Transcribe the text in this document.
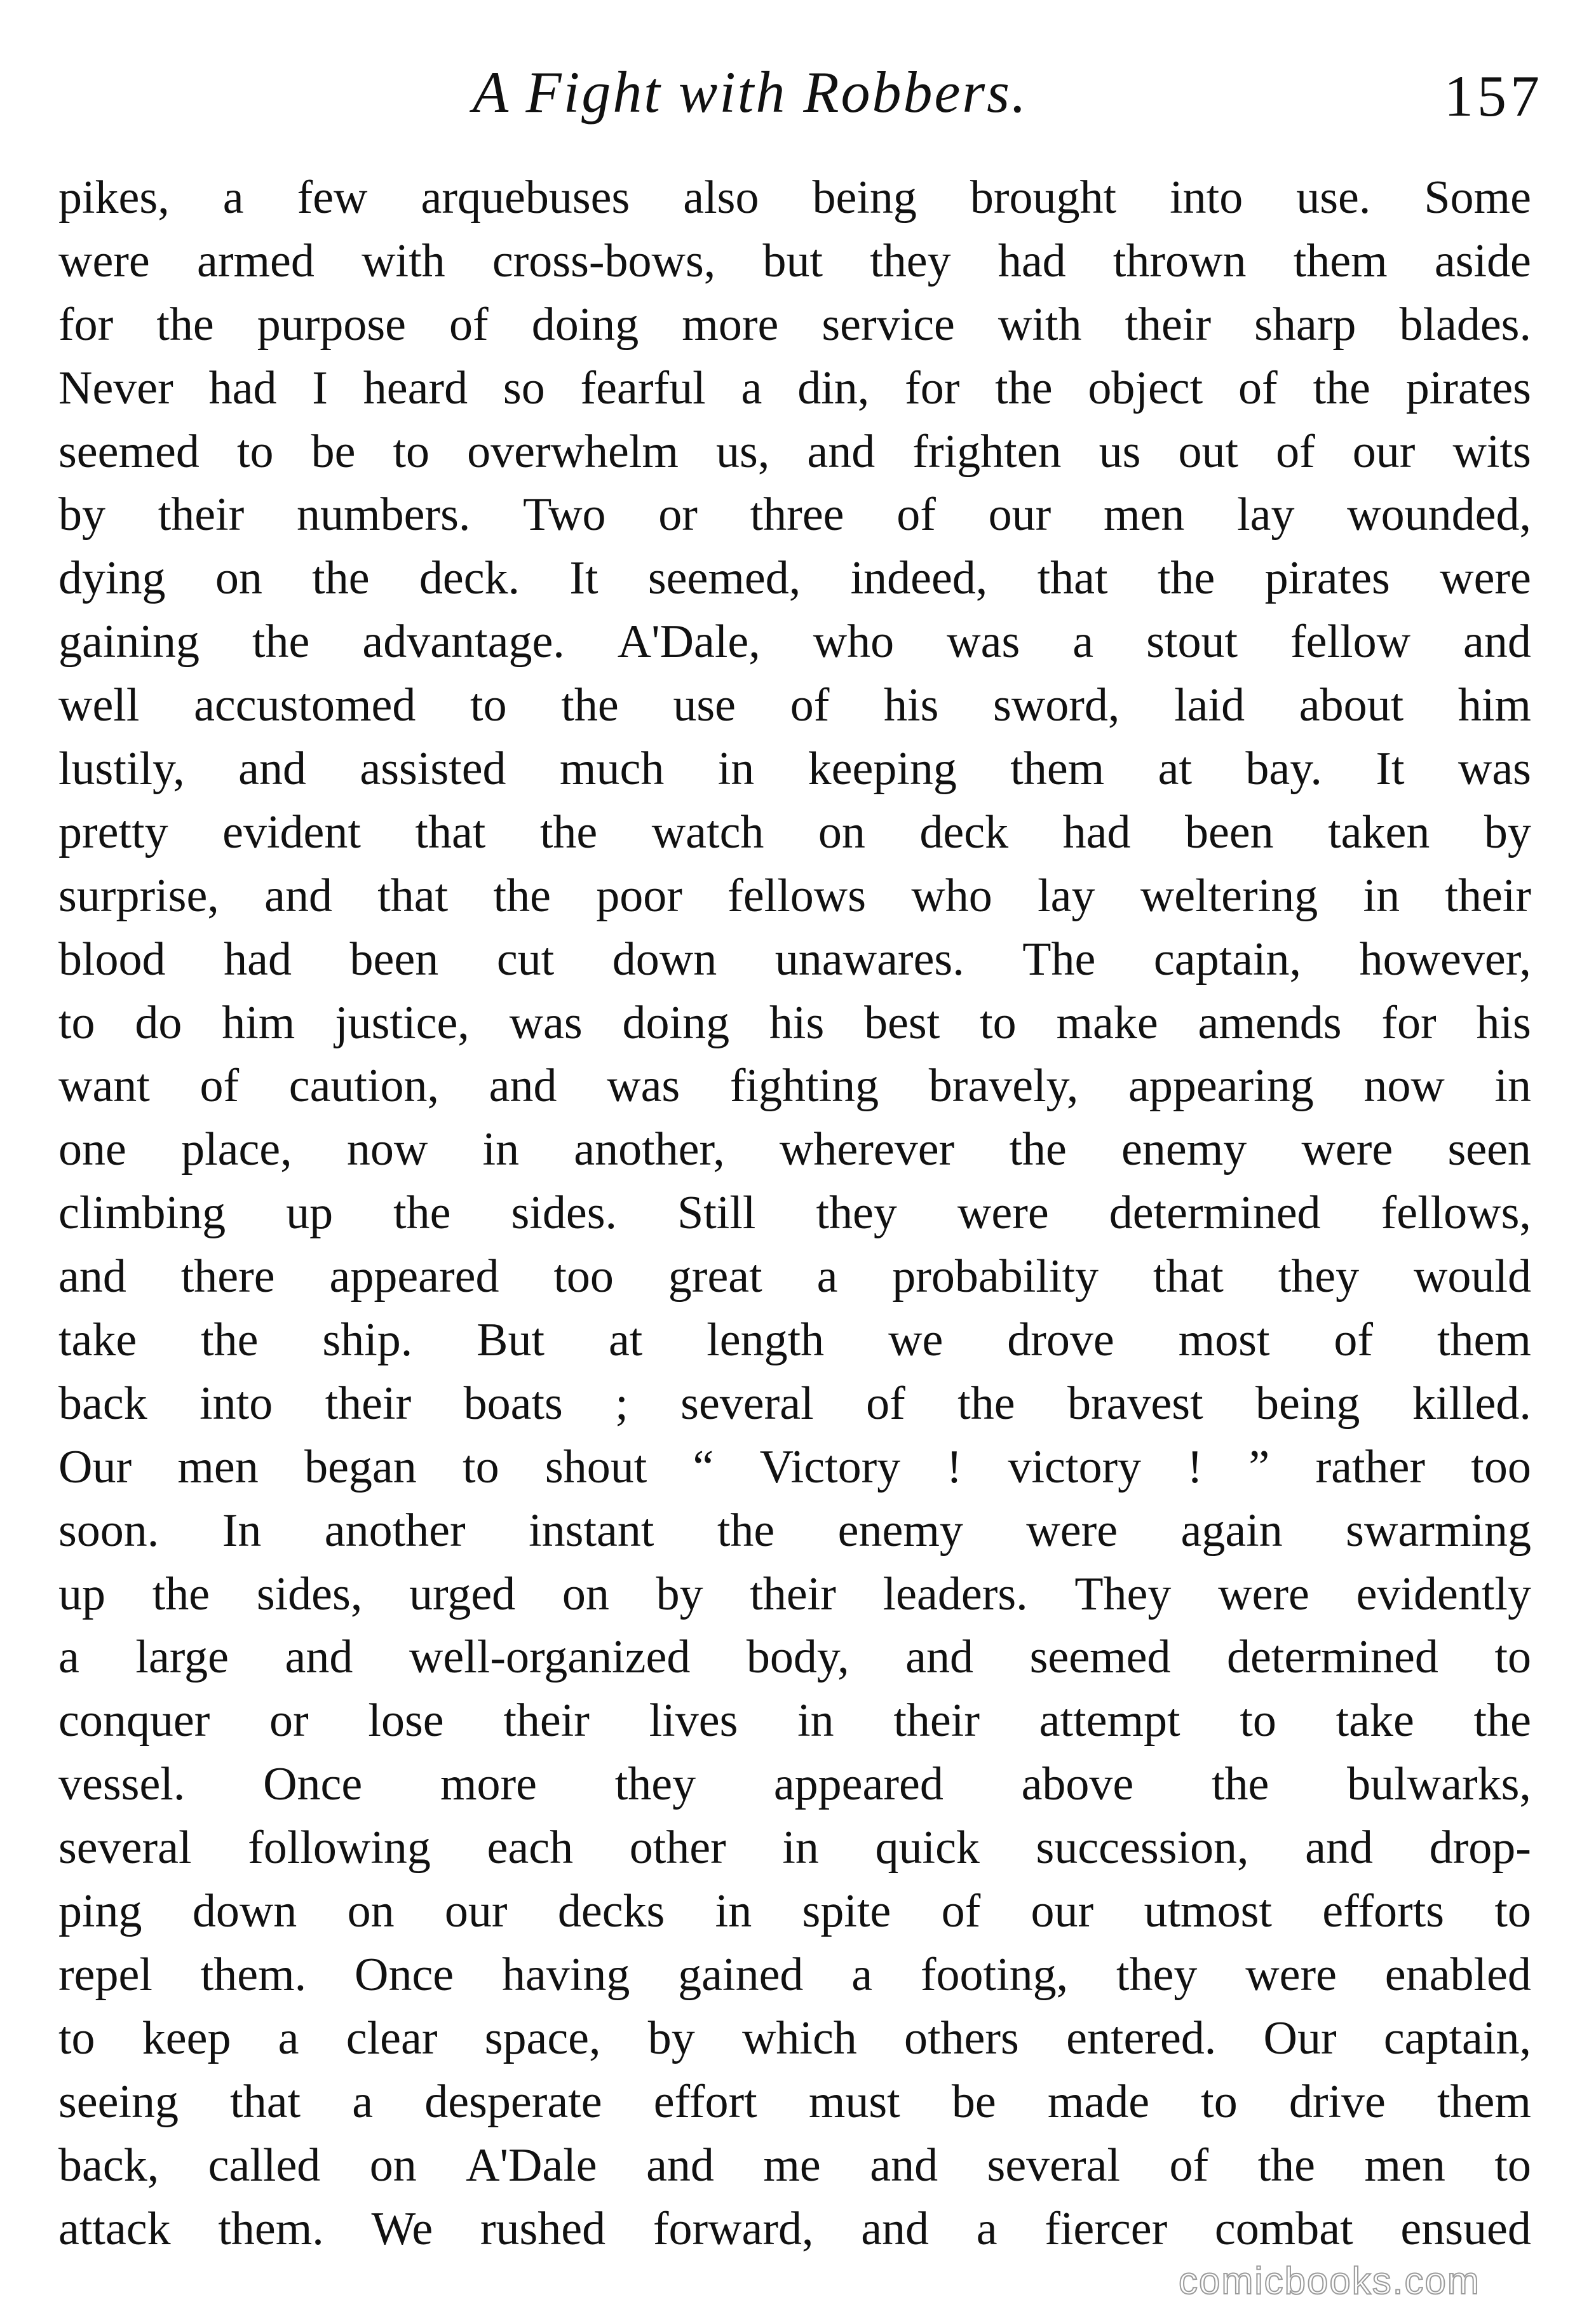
A Fight with Robbers.	157
pikes, a few arquebuses also being brought into use. Some
were armed with cross-bows, but they had thrown them aside
for the purpose of doing more service with their sharp blades.
Never had I heard so fearful a din, for the object of the pirates
seemed to be to overwhelm us, and frighten us out of our wits
by their numbers. Two or three of our men lay wounded,
dying on the deck. It seemed, indeed, that the pirates were
gaining the advantage. A'Dale, who was a stout fellow and
well accustomed to the use of his sword, laid about him
lustily, and assisted much in keeping them at bay. It was
pretty evident that the watch on deck had been taken by
surprise, and that the poor fellows who lay weltering in their
blood had been cut down unawares. The captain, however,
to do him justice, was doing his best to make amends for his
want of caution, and was fighting bravely, appearing now in
one place, now in another, wherever the enemy were seen
climbing up the sides. Still they were determined fellows,
and there appeared too great a probability that they would
take the ship. But at length we drove most of them
back into their boats ; several of the bravest being killed.
Our men began to shout “ Victory ! victory ! ” rather too
soon. In another instant the enemy were again swarming
up the sides, urged on by their leaders. They were evidently
a large and well-organized body, and seemed determined to
conquer or lose their lives in their attempt to take the
vessel. Once more they appeared above the bulwarks,
several following each other in quick succession, and drop-
ping down on our decks in spite of our utmost efforts to
repel them. Once having gained a footing, they were enabled
to keep a clear space, by which others entered. Our captain,
seeing that a desperate effort must be made to drive them
back, called on A'Dale and me and several of the men to
attack them. We rushed forward, and a fiercer combat ensued
comicbooks.com
